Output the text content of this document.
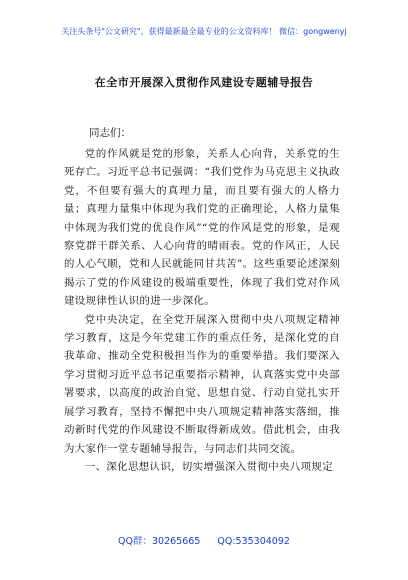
关注头条号"公文研究"，获得最新最全最专业的公文资料库！ 微信：gongwenyj
在全市开展深入贯彻作风建设专题辅导报告
同志们：

党的作风就是党的形象，关系人心向背，关系党的生死存亡。习近平总书记强调：“我们党作为马克思主义执政党，不但要有强大的真理力量，而且要有强大的人格力量；真理力量集中体现为我们党的正确理论，人格力量集中体现为我们党的优良作风”“党的作风是党的形象，是观察党群干群关系、人心向背的晴雨表。党的作风正，人民的人心气顺，党和人民就能同甘共苦”。这些重要论述深刻揭示了党的作风建设的极端重要性，体现了我们党对作风建设规律性认识的进一步深化。

党中央决定，在全党开展深入贯彻中央八项规定精神学习教育，这是今年党建工作的重点任务，是深化党的自我革命、推动全党积极担当作为的重要举措。我们要深入学习贯彻习近平总书记重要指示精神，认真落实党中央部署要求，以高度的政治自觉、思想自觉、行动自觉扎实开展学习教育，坚持不懈把中央八项规定精神落实落细，推动新时代党的作风建设不断取得新成效。借此机会，由我为大家作一堂专题辅导报告，与同志们共同交流。

一、深化思想认识，切实增强深入贯彻中央八项规定

QQ群：30265665 QQ:535304092
